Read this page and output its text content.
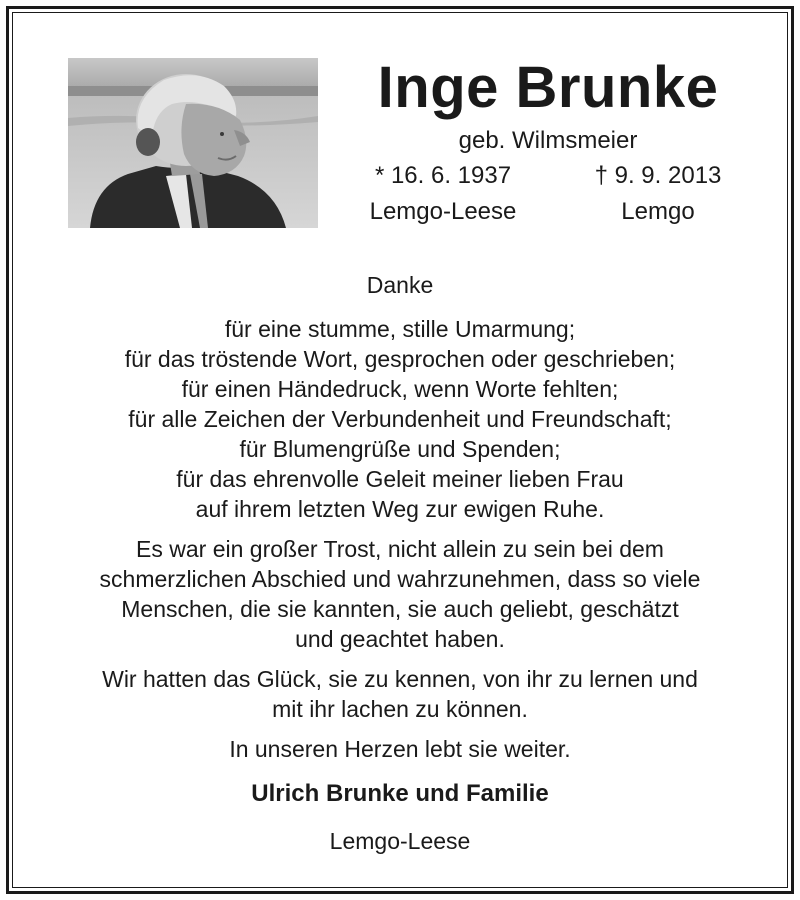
Inge Brunke
geb. Wilmsmeier
* 16. 6. 1937	† 9. 9. 2013
Lemgo-Leese	Lemgo

Danke

für eine stumme, stille Umarmung;

für das tröstende Wort, gesprochen oder geschrieben;

für einen Händedruck, wenn Worte fehlten;

für alle Zeichen der Verbundenheit und Freundschaft;

für Blumengrüße und Spenden;

für das ehrenvolle Geleit meiner lieben Frau

auf ihrem letzten Weg zur ewigen Ruhe.

Es war ein großer Trost, nicht allein zu sein bei dem

schmerzlichen Abschied und wahrzunehmen, dass so viele

Menschen, die sie kannten, sie auch geliebt, geschätzt

und geachtet haben.

Wir hatten das Glück, sie zu kennen, von ihr zu lernen und

mit ihr lachen zu können.

In unseren Herzen lebt sie weiter.

Ulrich Brunke und Familie

Lemgo-Leese
